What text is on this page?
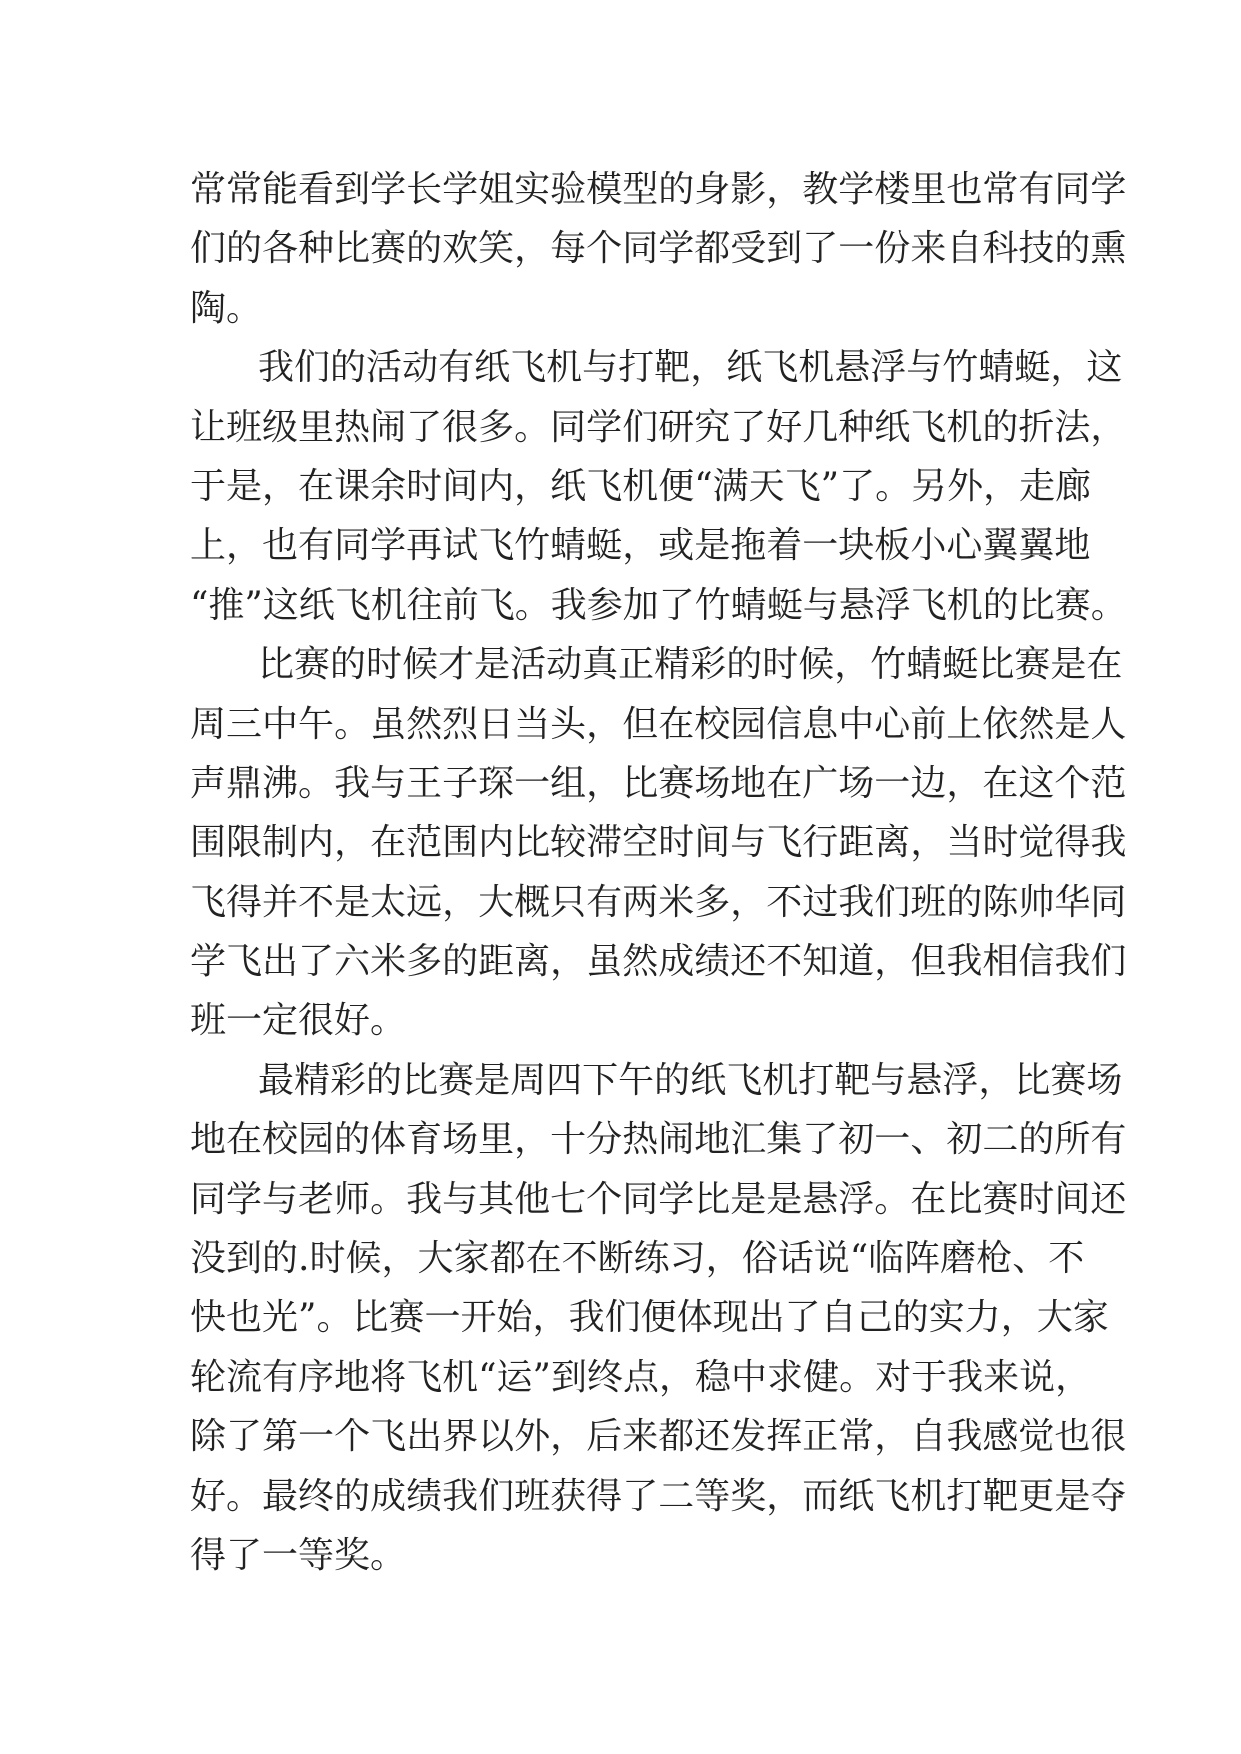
常 常 能 看 到 学 长 学 姐 实 验 模 型 的 身 影 ， 教 学 楼 里 也 常 有 同 学
们 的 各 种 比 赛 的 欢 笑 ， 每 个 同 学 都 受 到 了 一 份 来 自 科 技 的 熏
陶。
我 们 的 活 动 有 纸 飞 机 与 打 靶 ， 纸 飞 机 悬 浮 与 竹 蜻 蜓 ， 这
让 班 级 里 热 闹 了 很 多 。 同 学 们 研 究 了 好 几 种 纸 飞 机 的 折 法 ，
于 是 ， 在 课 余 时 间 内 ， 纸 飞 机 便 “ 满 天 飞 ” 了 。 另 外 ， 走 廊
上 ， 也 有 同 学 再 试 飞 竹 蜻 蜓 ， 或 是 拖 着 一 块 板 小 心 翼 翼 地
“推”这纸飞机往前飞。我参加了竹蜻蜓与悬浮飞机的比赛。
比 赛 的 时 候 才 是 活 动 真 正 精 彩 的 时 候 ， 竹 蜻 蜓 比 赛 是 在
周 三 中 午 。 虽 然 烈 日 当 头 ， 但 在 校 园 信 息 中 心 前 上 依 然 是 人
声 鼎 沸 。 我 与 王 子 琛 一 组 ， 比 赛 场 地 在 广 场 一 边 ， 在 这 个 范
围 限 制 内 ， 在 范 围 内 比 较 滞 空 时 间 与 飞 行 距 离 ， 当 时 觉 得 我
飞 得 并 不 是 太 远 ， 大 概 只 有 两 米 多 ， 不 过 我 们 班 的 陈 帅 华 同
学 飞 出 了 六 米 多 的 距 离 ， 虽 然 成 绩 还 不 知 道 ， 但 我 相 信 我 们
班一定很好。
最 精 彩 的 比 赛 是 周 四 下 午 的 纸 飞 机 打 靶 与 悬 浮 ， 比 赛 场
地 在 校 园 的 体 育 场 里 ， 十 分 热 闹 地 汇 集 了 初 一 、 初 二 的 所 有
同 学 与 老 师 。 我 与 其 他 七 个 同 学 比 是 是 悬 浮 。 在 比 赛 时 间 还
没 到 的 . 时 候 ， 大 家 都 在 不 断 练 习 ， 俗 话 说 “ 临 阵 磨 枪 、 不
快 也 光 ” 。 比 赛 一 开 始 ， 我 们 便 体 现 出 了 自 己 的 实 力 ， 大 家
轮 流 有 序 地 将 飞 机 “ 运 ” 到 终 点 ， 稳 中 求 健 。 对 于 我 来 说 ，
除 了 第 一 个 飞 出 界 以 外 ， 后 来 都 还 发 挥 正 常 ， 自 我 感 觉 也 很
好 。 最 终 的 成 绩 我 们 班 获 得 了 二 等 奖 ， 而 纸 飞 机 打 靶 更 是 夺
得了一等奖。
